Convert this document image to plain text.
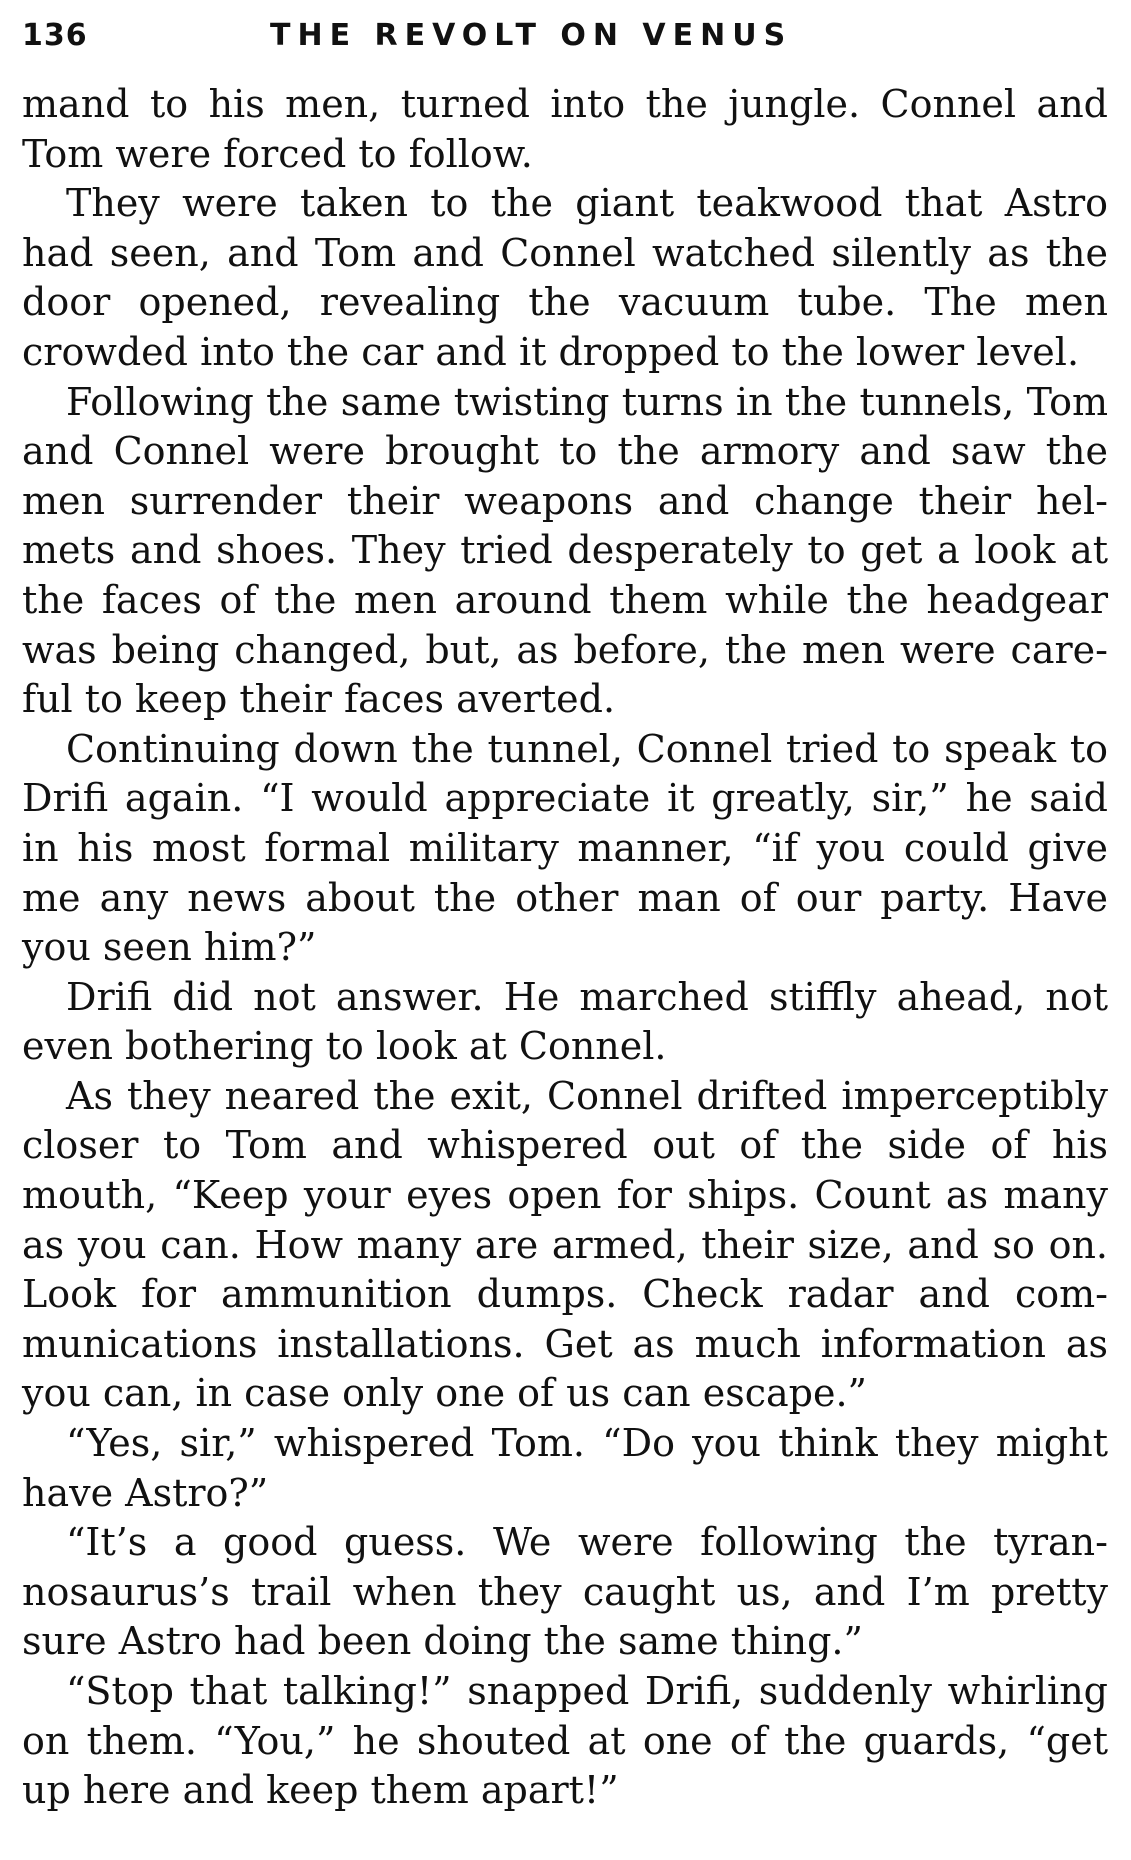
136	THE REVOLT ON VENUS

mand to his men, turned into the jungle. Connel and Tom were forced to follow.

They were taken to the giant teakwood that Astro had seen, and Tom and Connel watched silently as the door opened, revealing the vacuum tube. The men crowded into the car and it dropped to the lower level.

Following the same twisting turns in the tunnels, Tom and Connel were brought to the armory and saw the men surrender their weapons and change their hel-mets and shoes. They tried desperately to get a look at the faces of the men around them while the headgear was being changed, but, as before, the men were care-ful to keep their faces averted.

Continuing down the tunnel, Connel tried to speak to Drifi again. “I would appreciate it greatly, sir,” he said in his most formal military manner, “if you could give me any news about the other man of our party. Have you seen him?”

Drifi did not answer. He marched stiffly ahead, not even bothering to look at Connel.

As they neared the exit, Connel drifted imperceptibly closer to Tom and whispered out of the side of his mouth, “Keep your eyes open for ships. Count as many as you can. How many are armed, their size, and so on. Look for ammunition dumps. Check radar and com-munications installations. Get as much information as you can, in case only one of us can escape.”

“Yes, sir,” whispered Tom. “Do you think they might have Astro?”

“It’s a good guess. We were following the tyran-nosaurus’s trail when they caught us, and I’m pretty sure Astro had been doing the same thing.”

“Stop that talking!” snapped Drifi, suddenly whirling on them. “You,” he shouted at one of the guards, “get up here and keep them apart!”
